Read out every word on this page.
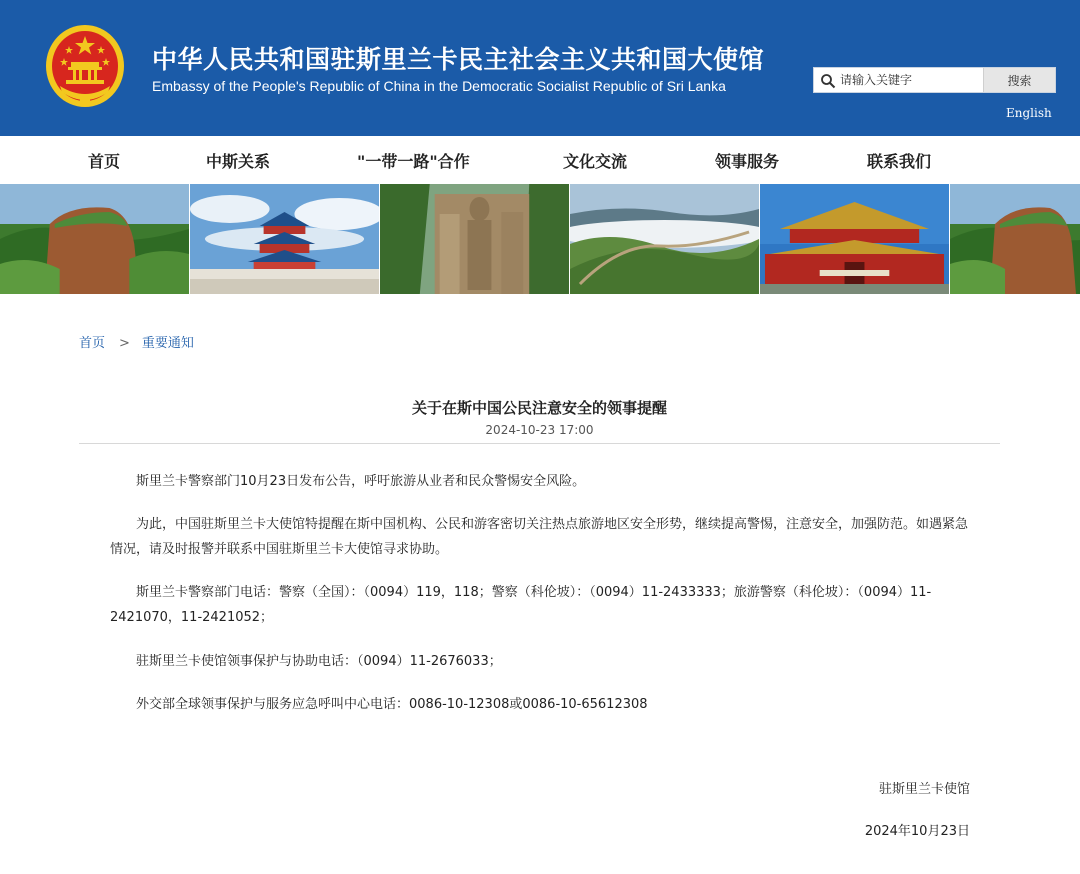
中华人民共和国驻斯里兰卡民主社会主义共和国大使馆
Embassy of the People's Republic of China in the Democratic Socialist Republic of Sri Lanka
请输入关键字	搜索
English
首页	中斯关系	"一带一路"合作	文化交流	领事服务	联系我们
首页 > 重要通知
关于在斯中国公民注意安全的领事提醒
2024-10-23 17:00

斯里兰卡警察部门10月23日发布公告，呼吁旅游从业者和民众警惕安全风险。

为此，中国驻斯里兰卡大使馆特提醒在斯中国机构、公民和游客密切关注热点旅游地区安全形势，继续提高警惕，注意安全，加强防范。如遇紧急情况，请及时报警并联系中国驻斯里兰卡大使馆寻求协助。

斯里兰卡警察部门电话：警察（全国）：（0094）119，118；警察（科伦坡）：（0094）11-2433333；旅游警察（科伦坡）：（0094）11-2421070，11-2421052；

驻斯里兰卡使馆领事保护与协助电话：（0094）11-2676033；

外交部全球领事保护与服务应急呼叫中心电话：0086-10-12308或0086-10-65612308

驻斯里兰卡使馆
2024年10月23日
